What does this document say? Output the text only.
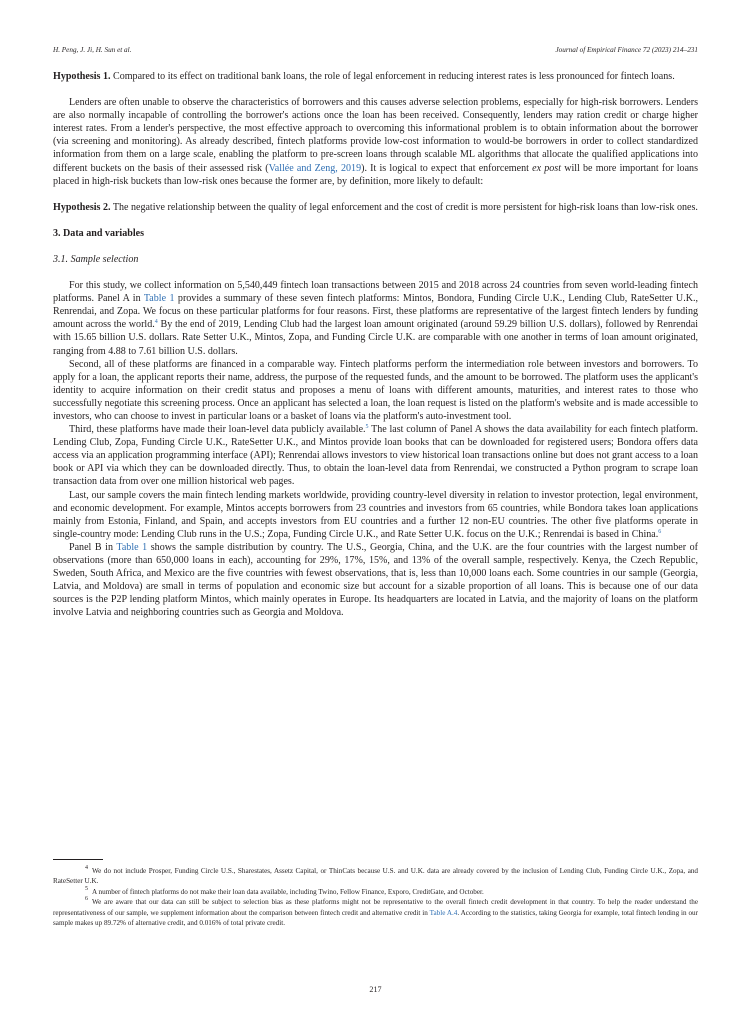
H. Peng, J. Ji, H. Sun et al.	Journal of Empirical Finance 72 (2023) 214–231

Hypothesis 1. Compared to its effect on traditional bank loans, the role of legal enforcement in reducing interest rates is less pronounced for fintech loans.

Lenders are often unable to observe the characteristics of borrowers and this causes adverse selection problems, especially for high-risk borrowers. Lenders are also normally incapable of controlling the borrower's actions once the loan has been received. Consequently, lenders may ration credit or charge higher interest rates. From a lender's perspective, the most effective approach to overcoming this informational problem is to obtain information about the borrower (via screening and monitoring). As already described, fintech platforms provide low-cost information to would-be borrowers in order to collect standardized information from them on a large scale, enabling the platform to pre-screen loans through scalable ML algorithms that allocate the qualified applications into different buckets on the basis of their assessed risk (Vallée and Zeng, 2019). It is logical to expect that enforcement ex post will be more important for loans placed in high-risk buckets than low-risk ones because the former are, by definition, more likely to default:

Hypothesis 2. The negative relationship between the quality of legal enforcement and the cost of credit is more persistent for high-risk loans than low-risk ones.

3. Data and variables

3.1. Sample selection

For this study, we collect information on 5,540,449 fintech loan transactions between 2015 and 2018 across 24 countries from seven world-leading fintech platforms. Panel A in Table 1 provides a summary of these seven fintech platforms: Mintos, Bondora, Funding Circle U.K., Lending Club, RateSetter U.K., Renrendai, and Zopa. We focus on these particular platforms for four reasons. First, these platforms are representative of the largest fintech lenders by funding amount across the world.$^4$ By the end of 2019, Lending Club had the largest loan amount originated (around 59.29 billion U.S. dollars), followed by Renrendai with 15.65 billion U.S. dollars. Rate Setter U.K., Mintos, Zopa, and Funding Circle U.K. are comparable with one another in terms of loan amount originated, ranging from 4.88 to 7.61 billion U.S. dollars.

Second, all of these platforms are financed in a comparable way. Fintech platforms perform the intermediation role between investors and borrowers. To apply for a loan, the applicant reports their name, address, the purpose of the requested funds, and the amount to be borrowed. The platform uses the applicant's identity to acquire information on their credit status and proposes a menu of loans with different amounts, maturities, and interest rates to those who successfully negotiate this screening process. Once an applicant has selected a loan, the loan request is listed on the platform's website and is made accessible to investors, who can choose to invest in particular loans or a basket of loans via the platform's auto-investment tool.

Third, these platforms have made their loan-level data publicly available.$^5$ The last column of Panel A shows the data availability for each fintech platform. Lending Club, Zopa, Funding Circle U.K., RateSetter U.K., and Mintos provide loan books that can be downloaded for registered users; Bondora offers data access via an application programming interface (API); Renrendai allows investors to view historical loan transactions online but does not grant access to a loan book or API via which they can be downloaded directly. Thus, to obtain the loan-level data from Renrendai, we constructed a Python program to scrape loan transaction data from over one million historical web pages.

Last, our sample covers the main fintech lending markets worldwide, providing country-level diversity in relation to investor protection, legal environment, and economic development. For example, Mintos accepts borrowers from 23 countries and investors from 65 countries, while Bondora takes loan applications mainly from Estonia, Finland, and Spain, and accepts investors from EU countries and a further 12 non-EU countries. The other five platforms operate in single-country mode: Lending Club runs in the U.S.; Zopa, Funding Circle U.K., and Rate Setter U.K. focus on the U.K.; Renrendai is based in China.$^6$

Panel B in Table 1 shows the sample distribution by country. The U.S., Georgia, China, and the U.K. are the four countries with the largest number of observations (more than 650,000 loans in each), accounting for 29%, 17%, 15%, and 13% of the overall sample, respectively. Kenya, the Czech Republic, Sweden, South Africa, and Mexico are the five countries with fewest observations, that is, less than 10,000 loans each. Some countries in our sample (Georgia, Latvia, and Moldova) are small in terms of population and economic size but account for a sizable proportion of all loans. This is because one of our data sources is the P2P lending platform Mintos, which mainly operates in Europe. Its headquarters are located in Latvia, and the majority of loans on the platform involve Latvia and neighboring countries such as Georgia and Moldova.

$^4$ We do not include Prosper, Funding Circle U.S., Sharestates, Assetz Capital, or ThinCats because U.S. and U.K. data are already covered by the inclusion of Lending Club, Funding Circle U.K., Zopa, and RateSetter U.K.

$^5$ A number of fintech platforms do not make their loan data available, including Twino, Fellow Finance, Exporo, CreditGate, and October.

$^6$ We are aware that our data can still be subject to selection bias as these platforms might not be representative to the overall fintech credit development in that country. To help the reader understand the representativeness of our sample, we supplement information about the comparison between fintech credit and alternative credit in Table A.4. According to the statistics, taking Georgia for example, total fintech lending in our sample makes up 89.72% of alternative credit, and 0.016% of total private credit.

217
